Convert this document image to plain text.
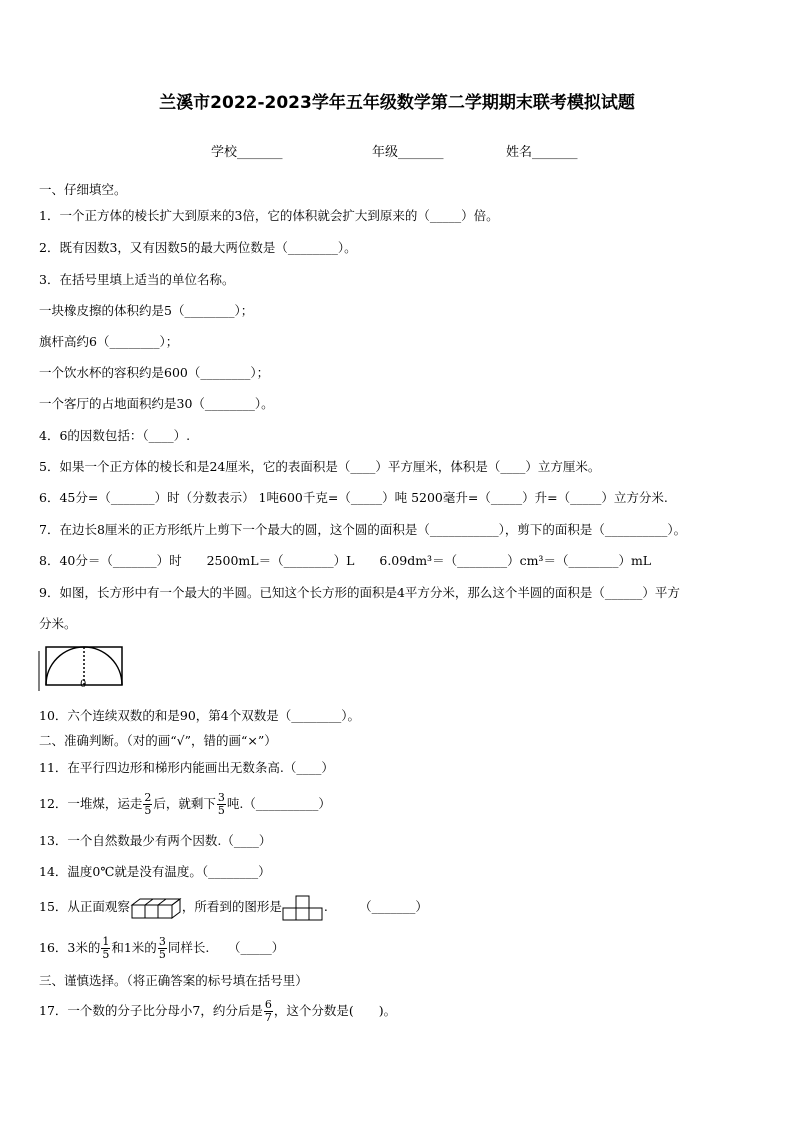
兰溪市2022-2023学年五年级数学第二学期期末联考模拟试题
学校_______	年级_______	姓名_______
一、仔细填空。
1．一个正方体的棱长扩大到原来的3倍，它的体积就会扩大到原来的（_____）倍。
2．既有因数3，又有因数5的最大两位数是（________）。
3．在括号里填上适当的单位名称。
一块橡皮擦的体积约是5（________）；
旗杆高约6（________）；
一个饮水杯的容积约是600（________）；
一个客厅的占地面积约是30（________）。
4．6的因数包括：（____）.
5．如果一个正方体的棱长和是24厘米，它的表面积是（____）平方厘米，体积是（____）立方厘米。
6．45分=（_______）时（分数表示） 1吨600千克=（_____）吨 5200毫升=（_____）升=（_____）立方分米.
7．在边长8厘米的正方形纸片上剪下一个最大的圆，这个圆的面积是（___________），剪下的面积是（__________）。
8．40分＝（_______）时　　2500mL＝（________）L　　6.09dm³＝（________）cm³＝（________）mL
9．如图，长方形中有一个最大的半圆。已知这个长方形的面积是4平方分米，那么这个半圆的面积是（______）平方
分米。
0
10．六个连续双数的和是90，第4个双数是（________）。
二、准确判断。（对的画“√”，错的画“×”）
11．在平行四边形和梯形内能画出无数条高.（____）
12．一堆煤，运走 $\frac{2}{5}$ 后，就剩下 $\frac{3}{5}$ 吨.（__________）
13．一个自然数最少有两个因数.（____）
14．温度0℃就是没有温度。（________）
15．从正面观察	，所看到的图形是	.　　　（_______）
16．3米的 $\frac{1}{5}$ 和1米的 $\frac{3}{5}$ 同样长.　　（_____）
三、谨慎选择。（将正确答案的标号填在括号里）
17．一个数的分子比分母小7，约分后是 $\frac{6}{7}$ ，这个分数是(　　)。
